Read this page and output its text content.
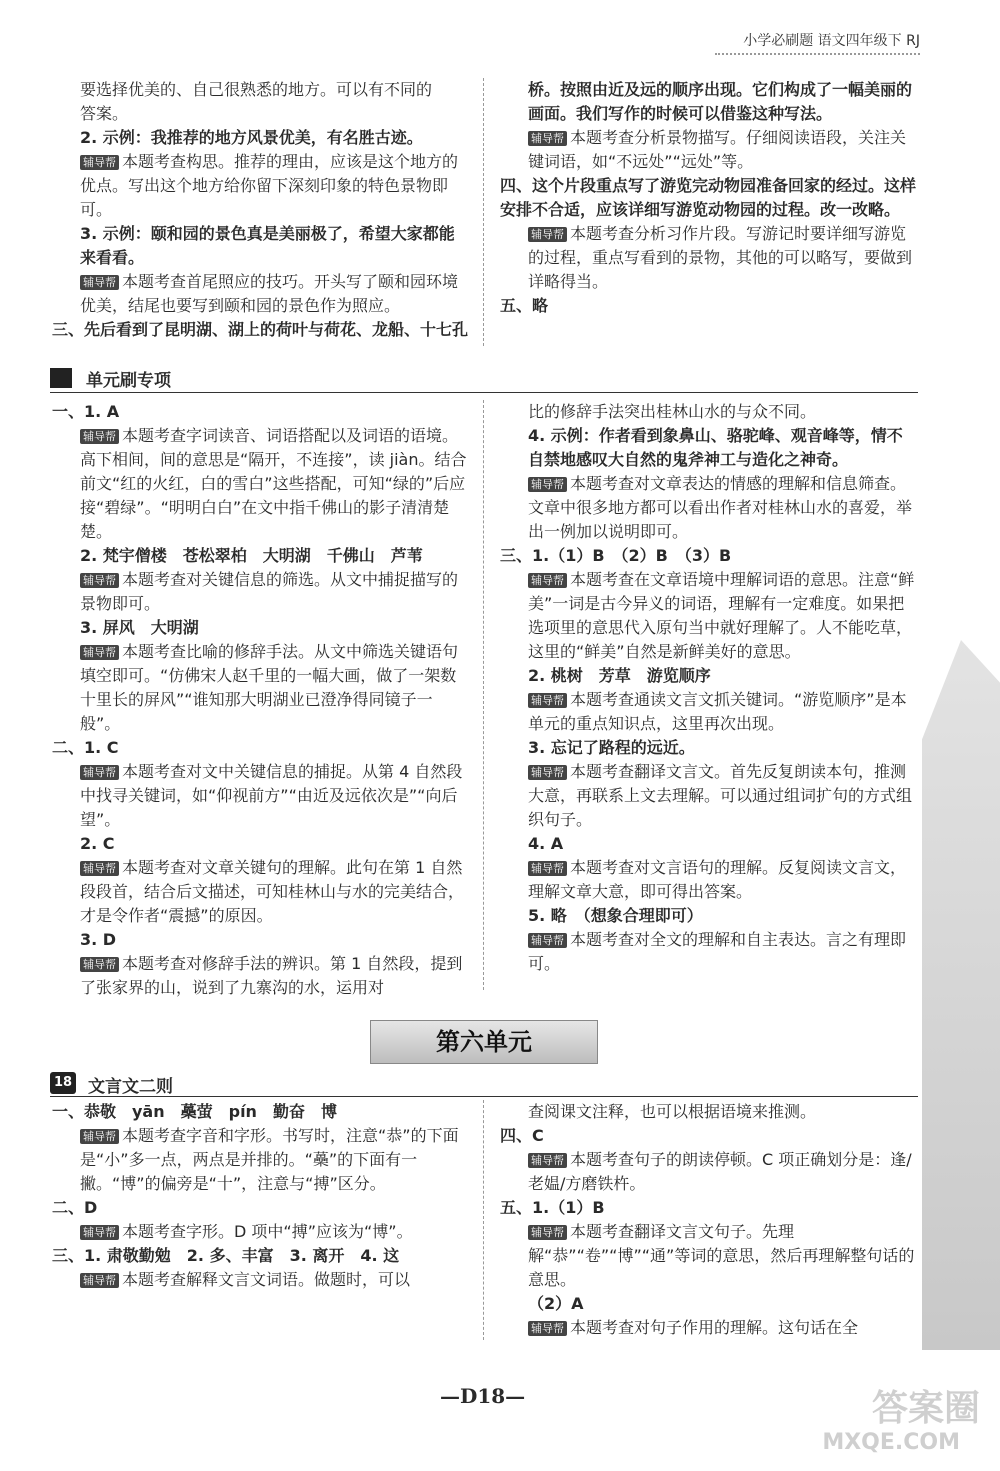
小学必刷题 语文四年级下 RJ

要选择优美的、自己很熟悉的地方。可以有不同的

答案。

2. 示例：我推荐的地方风景优美，有名胜古迹。

辅导帮 本题考查构思。推荐的理由，应该是这个地方的优点。写出这个地方给你留下深刻印象的特色景物即可。

3. 示例：颐和园的景色真是美丽极了，希望大家都能来看看。

辅导帮 本题考查首尾照应的技巧。开头写了颐和园环境优美，结尾也要写到颐和园的景色作为照应。

三、先后看到了昆明湖、湖上的荷叶与荷花、龙船、十七孔

桥。按照由近及远的顺序出现。它们构成了一幅美丽的画面。我们写作的时候可以借鉴这种写法。

辅导帮 本题考查分析景物描写。仔细阅读语段，关注关键词语，如“不远处”“远处”等。

四、这个片段重点写了游览完动物园准备回家的经过。这样安排不合适，应该详细写游览动物园的过程。改一改略。

辅导帮 本题考查分析习作片段。写游记时要详细写游览的过程，重点写看到的景物，其他的可以略写，要做到详略得当。

五、略

单元刷专项

一、1. A

辅导帮 本题考查字词读音、词语搭配以及词语的语境。高下相间，间的意思是“隔开，不连接”，读 jiàn。结合前文“红的火红，白的雪白”这些搭配，可知“绿的”后应接“碧绿”。“明明白白”在文中指千佛山的影子清清楚楚。

2. 梵宇僧楼　苍松翠柏　大明湖　千佛山　芦苇

辅导帮 本题考查对关键信息的筛选。从文中捕捉描写的景物即可。

3. 屏风　大明湖

辅导帮 本题考查比喻的修辞手法。从文中筛选关键语句填空即可。“仿佛宋人赵千里的一幅大画，做了一架数十里长的屏风”“谁知那大明湖业已澄净得同镜子一般”。

二、1. C

辅导帮 本题考查对文中关键信息的捕捉。从第 4 自然段中找寻关键词，如“仰视前方”“由近及远依次是”“向后望”。

2. C

辅导帮 本题考查对文章关键句的理解。此句在第 1 自然段段首，结合后文描述，可知桂林山与水的完美结合，才是令作者“震撼”的原因。

3. D

辅导帮 本题考查对修辞手法的辨识。第 1 自然段，提到了张家界的山，说到了九寨沟的水，运用对

比的修辞手法突出桂林山水的与众不同。

4. 示例：作者看到象鼻山、骆驼峰、观音峰等，情不自禁地感叹大自然的鬼斧神工与造化之神奇。

辅导帮 本题考查对文章表达的情感的理解和信息筛查。文章中很多地方都可以看出作者对桂林山水的喜爱，举出一例加以说明即可。

三、1.（1）B　（2）B　（3）B

辅导帮 本题考查在文章语境中理解词语的意思。注意“鲜美”一词是古今异义的词语，理解有一定难度。如果把选项里的意思代入原句当中就好理解了。人不能吃草，这里的“鲜美”自然是新鲜美好的意思。

2. 桃树　芳草　游览顺序

辅导帮 本题考查通读文言文抓关键词。“游览顺序”是本单元的重点知识点，这里再次出现。

3. 忘记了路程的远近。

辅导帮 本题考查翻译文言文。首先反复朗读本句，推测大意，再联系上文去理解。可以通过组词扩句的方式组织句子。

4. A

辅导帮 本题考查对文言语句的理解。反复阅读文言文，理解文章大意，即可得出答案。

5. 略　（想象合理即可）

辅导帮 本题考查对全文的理解和自主表达。言之有理即可。

第六单元
18 文言文二则

一、恭敬　yān　蘽萤　pín　勤奋　博

辅导帮 本题考查字音和字形。书写时，注意“恭”的下面是“小”多一点，两点是并排的。“蘽”的下面有一撇。“博”的偏旁是“十”，注意与“搏”区分。

二、D

辅导帮 本题考查字形。D 项中“搏”应该为“博”。

三、1. 肃敬勤勉　2. 多、丰富　3. 离开　4. 这

辅导帮 本题考查解释文言文词语。做题时，可以

查阅课文注释，也可以根据语境来推测。

四、C

辅导帮 本题考查句子的朗读停顿。C 项正确划分是：逢/老媪/方磨铁杵。

五、1.（1）B

辅导帮 本题考查翻译文言文句子。先理解“恭”“卷”“博”“通”等词的意思，然后再理解整句话的意思。

（2）A

辅导帮 本题考查对句子作用的理解。这句话在全

—D18—	答案圈
MXQE.COM
